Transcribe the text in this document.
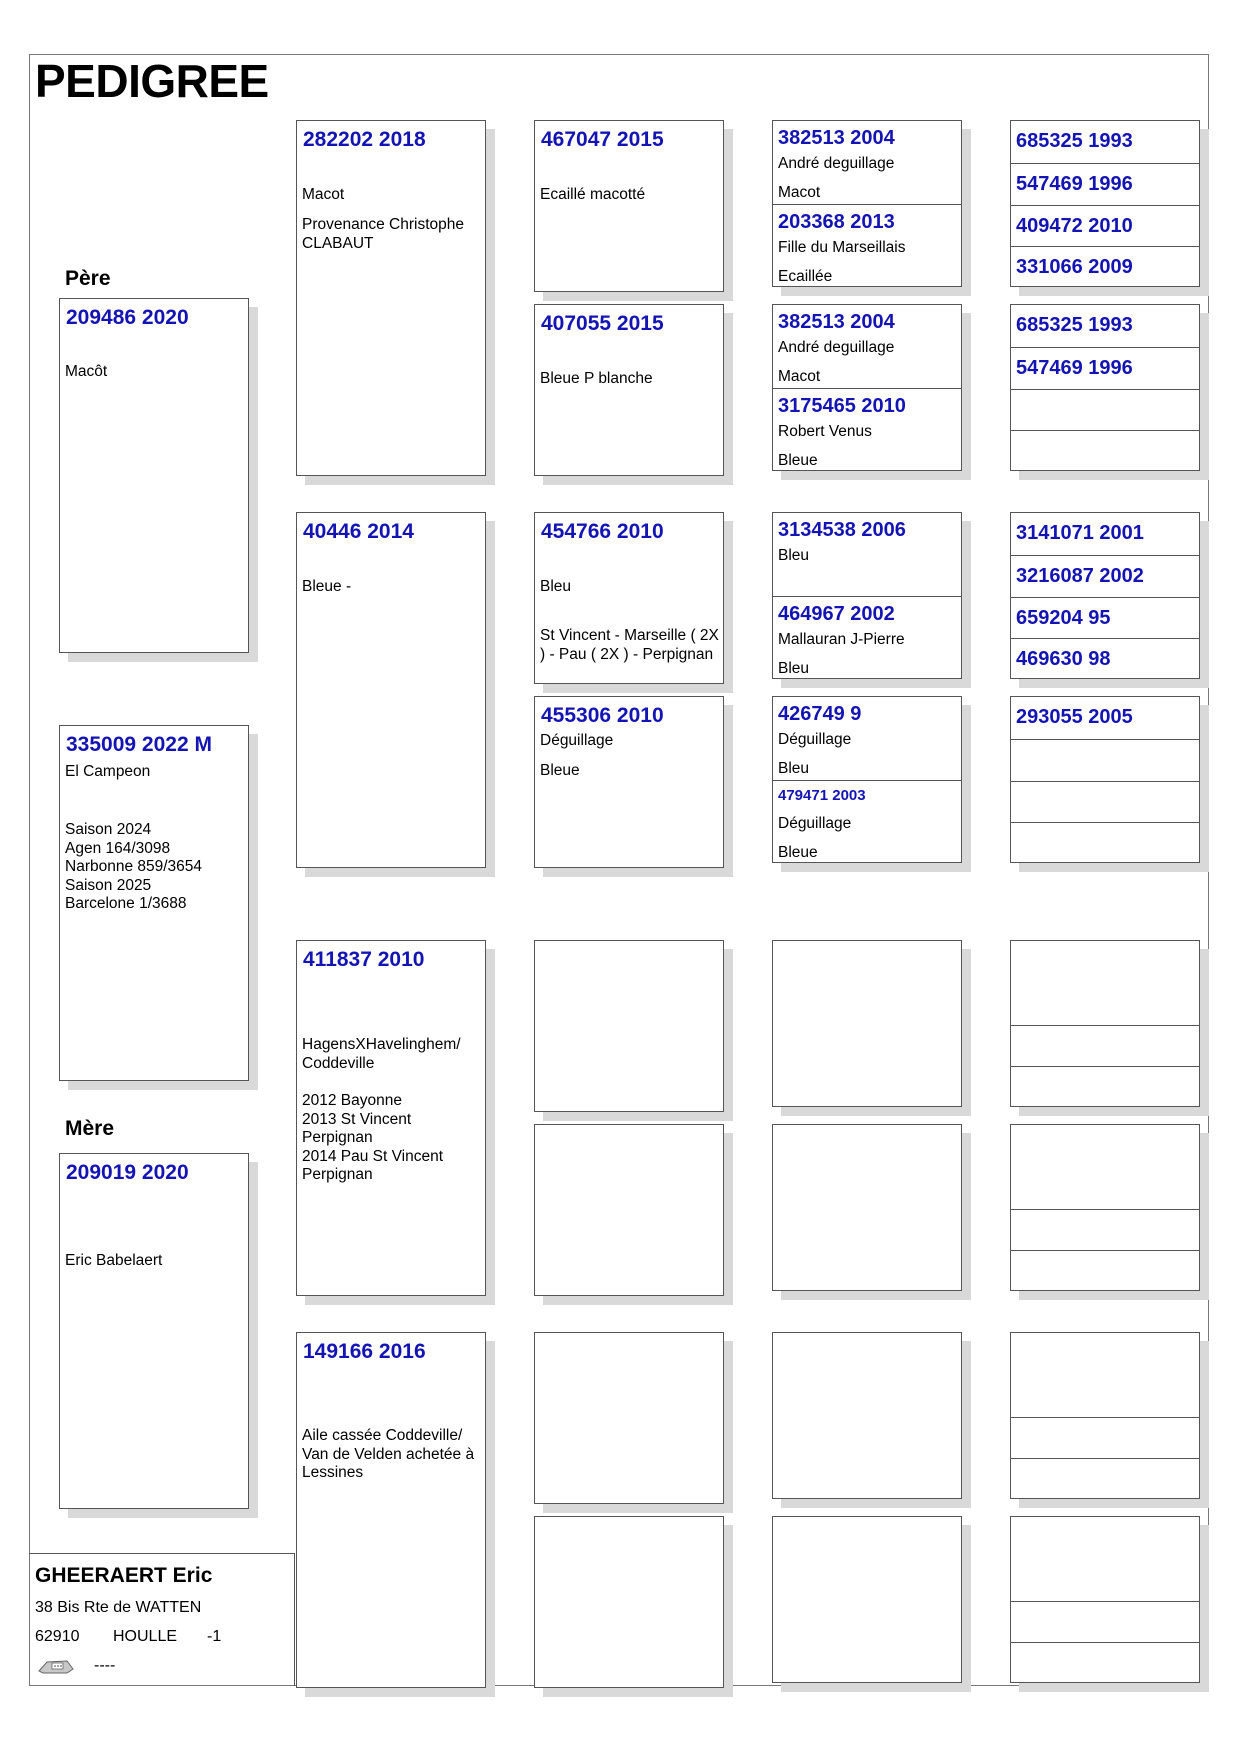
PEDIGREE
Père
Mère
209486 2020
Macôt
335009 2022 M
El Campeon
Saison 2024
Agen 164/3098
Narbonne 859/3654
Saison 2025
Barcelone 1/3688
209019 2020
Eric Babelaert
282202 2018
Macot
Provenance Christophe CLABAUT
40446 2014
Bleue -
411837 2010
HagensXHavelinghem/ Coddeville
2012 Bayonne
2013 St Vincent Perpignan
2014 Pau St Vincent Perpignan
149166 2016
Aile cassée Coddeville/ Van de Velden achetée à Lessines
467047 2015
Ecaillé macotté
407055 2015
Bleue P blanche
454766 2010
Bleu
St Vincent - Marseille ( 2X ) - Pau ( 2X ) - Perpignan
455306 2010
Déguillage
Bleue
382513 2004
André deguillage
Macot
203368 2013
Fille du Marseillais
Ecaillée
382513 2004
André deguillage
Macot
3175465 2010
Robert Venus
Bleue
3134538 2006
Bleu
464967 2002
Mallauran J-Pierre
Bleu
426749 9
Déguillage
Bleu
479471 2003
Déguillage
Bleue
685325 1993
547469 1996
409472 2010
331066 2009
685325 1993
547469 1996
3141071 2001
3216087 2002
659204 95
469630 98
293055 2005
GHEERAERT Eric
38 Bis Rte de WATTEN
62910 HOULLE -1
----
